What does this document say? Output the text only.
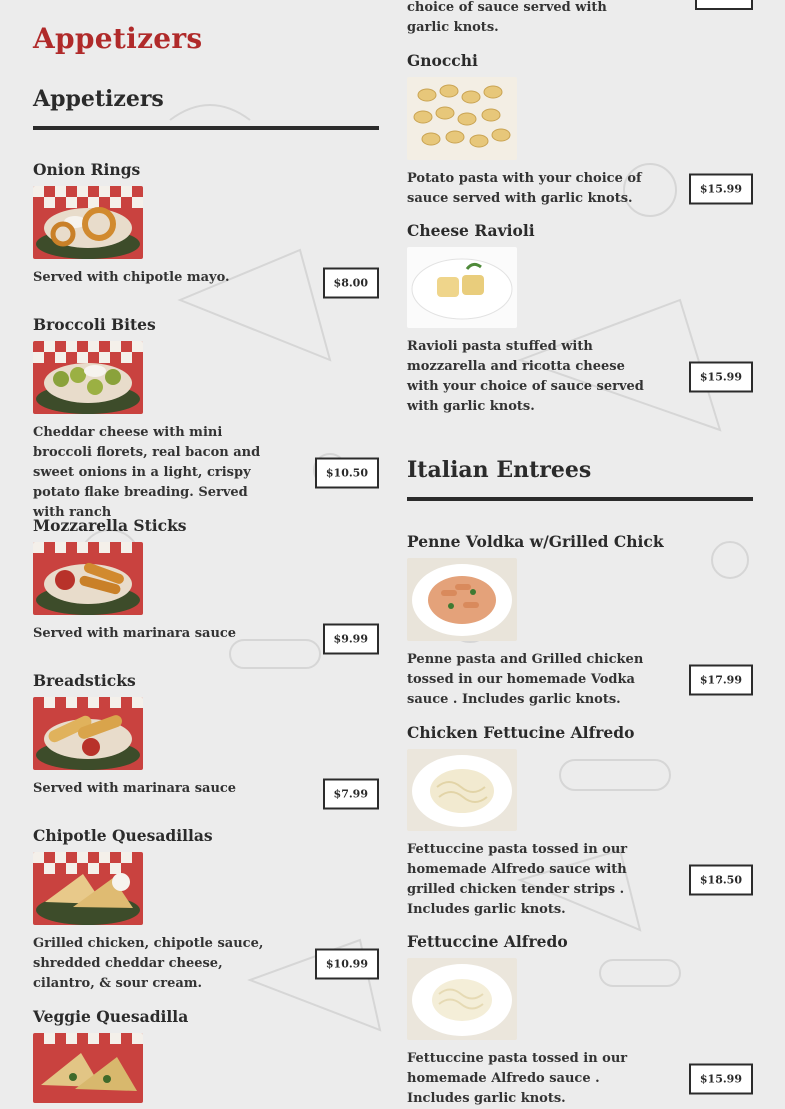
Appetizers
Appetizers
Onion Rings
Served with chipotle mayo.	$8.00
Broccoli Bites
Cheddar cheese with mini broccoli florets, real bacon and sweet onions in a light, crispy potato flake breading. Served with ranch
$10.50
Mozzarella Sticks
Served with marinara sauce	$9.99
Breadsticks
Served with marinara sauce	$7.99
Chipotle Quesadillas
Grilled chicken, chipotle sauce, shredded cheddar cheese, cilantro, & sour cream.
$10.99
Veggie Quesadilla
choice of sauce served with garlic knots.
Gnocchi
Potato pasta with your choice of sauce served with garlic knots.
$15.99
Cheese Ravioli
Ravioli pasta stuffed with mozzarella and ricotta cheese with your choice of sauce served with garlic knots.
$15.99
Italian Entrees
Penne Voldka w/Grilled Chick
Penne pasta and Grilled chicken tossed in our homemade Vodka sauce . Includes garlic knots.
$17.99
Chicken Fettucine Alfredo
Fettuccine pasta tossed in our homemade Alfredo sauce with grilled chicken tender strips . Includes garlic knots.
$18.50
Fettuccine Alfredo
Fettuccine pasta tossed in our homemade Alfredo sauce . Includes garlic knots.
$15.99
